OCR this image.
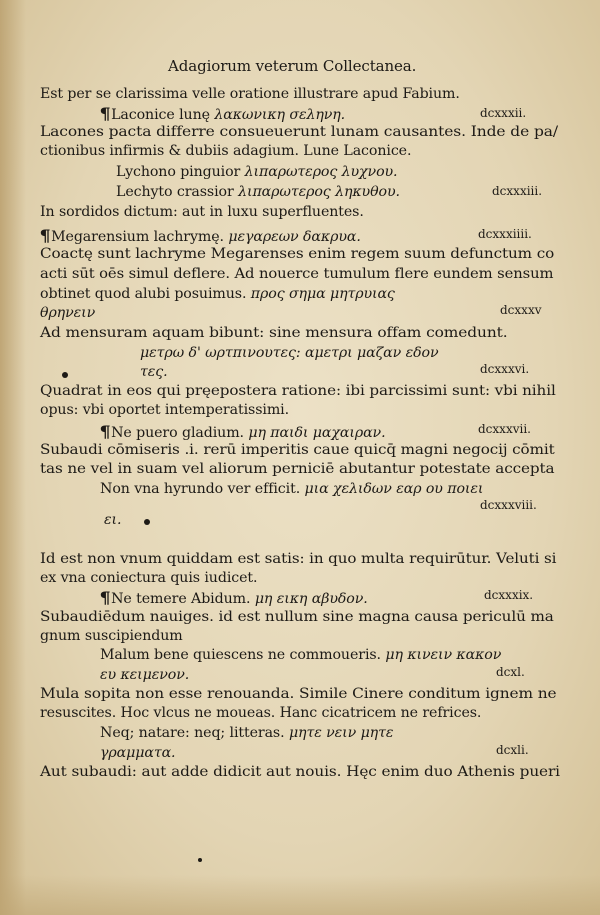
Adagiorum veterum Collectanea.
Est per se clarissima velle oratione illustrare apud Fabium.
¶Laconice lunę λακωνικη σεληνη.	dcxxxii.
Lacones pacta differre consueuerunt lunam causantes. Inde de pa/
ctionibus infirmis & dubiis adagium. Lune Laconice.
Lychono pinguior λιπαρωτερος λυχνου.
Lechyto crassior λιπαρωτερος ληκυθου.	dcxxxiii.
In sordidos dictum: aut in luxu superfluentes.
¶Megarensium lachrymę. μεγαρεων δακρυα.	dcxxxiiii.
Coactę sunt lachryme Megarenses enim regem suum defunctum co
acti sūt oēs simul deflere. Ad nouerce tumulum flere eundem sensum
obtinet quod alubi posuimus. προς σημα μητρυιας
θρηνειν	dcxxxv
Ad mensuram aquam bibunt: sine mensura offam comedunt.
μετρω δ' ωρτπινουτες: αμετρι μαζαν εδον
τες.	dcxxxvi.
Quadrat in eos qui pręepostera ratione: ibi parcissimi sunt: vbi nihil
opus: vbi oportet intemperatissimi.
¶Ne puero gladium. μη παιδι μαχαιραν.	dcxxxvii.
Subaudi cōmiseris .i. rerū imperitis caue quicq̄ magni negocij cōmit
tas ne vel in suam vel aliorum perniciē abutantur potestate accepta
Non vna hyrundo ver efficit. μια χελιδων εαρ ου ποιει
ει.
dcxxxviii.
Id est non vnum quiddam est satis: in quo multa requirūtur. Veluti si
ex vna coniectura quis iudicet.
¶Ne temere Abidum. μη εικη αβυδον.	dcxxxix.
Subaudiēdum nauiges. id est nullum sine magna causa periculū ma
gnum suscipiendum
Malum bene quiescens ne commoueris. μη κινειν κακον
ευ κειμενον.	dcxl.
Mula sopita non esse renouanda. Simile Cinere conditum ignem ne
resuscites. Hoc vlcus ne moueas. Hanc cicatricem ne refrices.
Neq; natare: neq; litteras. μητε νειν μητε
γραμματα.	dcxli.
Aut subaudi: aut adde didicit aut nouis. Hęc enim duo Athenis pueri
